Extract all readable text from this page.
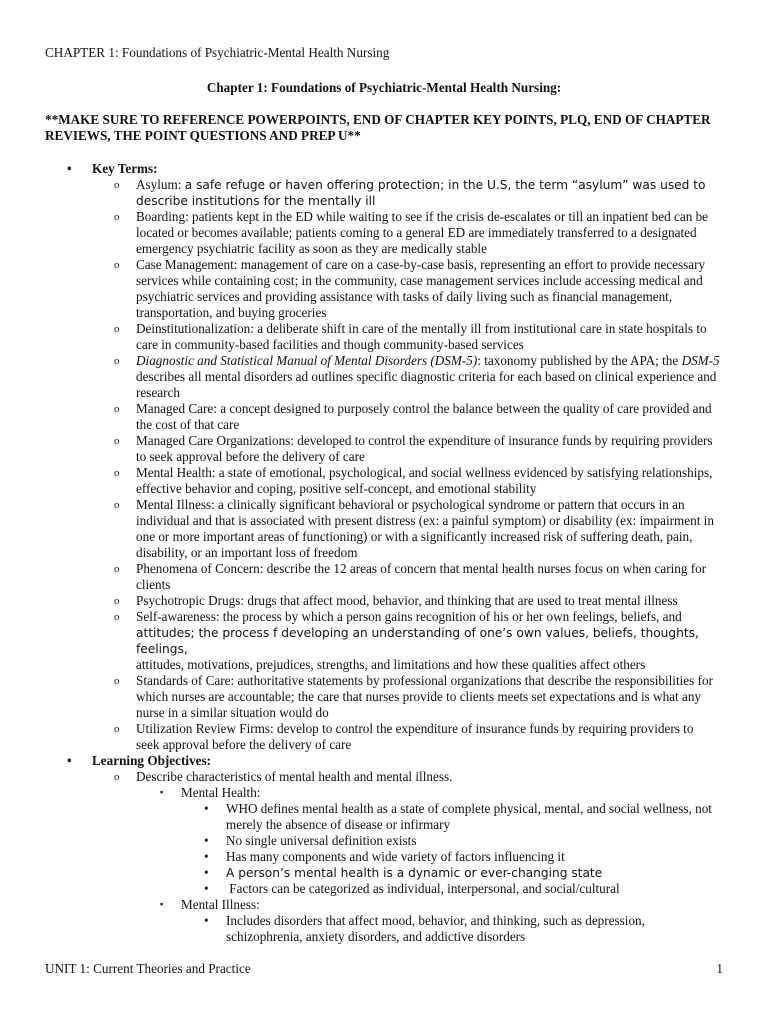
CHAPTER 1: Foundations of Psychiatric-Mental Health Nursing
Chapter 1: Foundations of Psychiatric-Mental Health Nursing:
**MAKE SURE TO REFERENCE POWERPOINTS, END OF CHAPTER KEY POINTS, PLQ, END OF CHAPTER REVIEWS, THE POINT QUESTIONS AND PREP U**
• Key Terms:
o Asylum: a safe refuge or haven offering protection; in the U.S, the term “asylum” was used to describe institutions for the mentally ill
o Boarding: patients kept in the ED while waiting to see if the crisis de-escalates or till an inpatient bed can be located or becomes available; patients coming to a general ED are immediately transferred to a designated emergency psychiatric facility as soon as they are medically stable
o Case Management: management of care on a case-by-case basis, representing an effort to provide necessary services while containing cost; in the community, case management services include accessing medical and psychiatric services and providing assistance with tasks of daily living such as financial management, transportation, and buying groceries
o Deinstitutionalization: a deliberate shift in care of the mentally ill from institutional care in state hospitals to care in community-based facilities and though community-based services
o Diagnostic and Statistical Manual of Mental Disorders (DSM-5): taxonomy published by the APA; the DSM-5 describes all mental disorders ad outlines specific diagnostic criteria for each based on clinical experience and research
o Managed Care: a concept designed to purposely control the balance between the quality of care provided and the cost of that care
o Managed Care Organizations: developed to control the expenditure of insurance funds by requiring providers to seek approval before the delivery of care
o Mental Health: a state of emotional, psychological, and social wellness evidenced by satisfying relationships, effective behavior and coping, positive self-concept, and emotional stability
o Mental Illness: a clinically significant behavioral or psychological syndrome or pattern that occurs in an individual and that is associated with present distress (ex: a painful symptom) or disability (ex: impairment in one or more important areas of functioning) or with a significantly increased risk of suffering death, pain, disability, or an important loss of freedom
o Phenomena of Concern: describe the 12 areas of concern that mental health nurses focus on when caring for clients
o Psychotropic Drugs: drugs that affect mood, behavior, and thinking that are used to treat mental illness
o Self-awareness: the process by which a person gains recognition of his or her own feelings, beliefs, and
attitudes; the process f developing an understanding of one’s own values, beliefs, thoughts, feelings,
attitudes, motivations, prejudices, strengths, and limitations and how these qualities affect others
o Standards of Care: authoritative statements by professional organizations that describe the responsibilities for which nurses are accountable; the care that nurses provide to clients meets set expectations and is what any nurse in a similar situation would do
o Utilization Review Firms: develop to control the expenditure of insurance funds by requiring providers to seek approval before the delivery of care
• Learning Objectives:
o Describe characteristics of mental health and mental illness.
▪ Mental Health:
• WHO defines mental health as a state of complete physical, mental, and social wellness, not merely the absence of disease or infirmary
• No single universal definition exists
• Has many components and wide variety of factors influencing it
• A person’s mental health is a dynamic or ever-changing state
• Factors can be categorized as individual, interpersonal, and social/cultural
▪ Mental Illness:
• Includes disorders that affect mood, behavior, and thinking, such as depression, schizophrenia, anxiety disorders, and addictive disorders
UNIT 1: Current Theories and Practice	1
